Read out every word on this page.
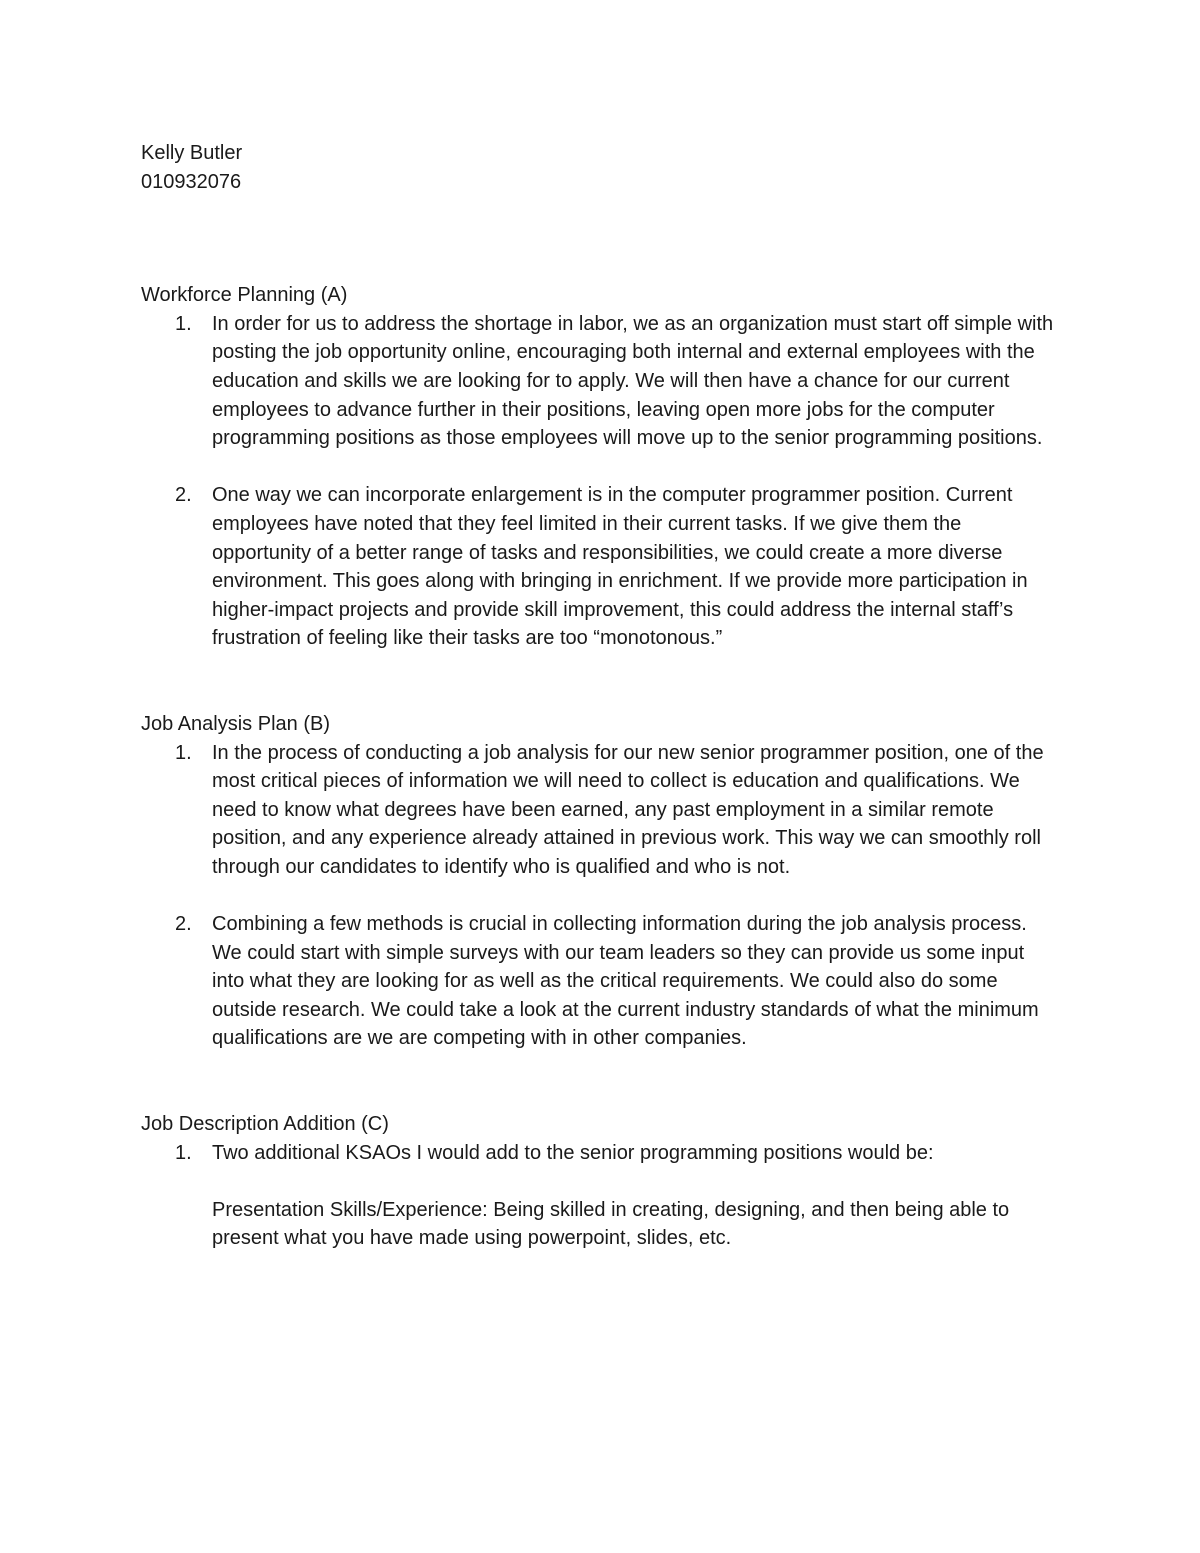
Kelly Butler
010932076
Workforce Planning (A)
1. In order for us to address the shortage in labor, we as an organization must start off simple with posting the job opportunity online, encouraging both internal and external employees with the education and skills we are looking for to apply. We will then have a chance for our current employees to advance further in their positions, leaving open more jobs for the computer programming positions as those employees will move up to the senior programming positions.
2. One way we can incorporate enlargement is in the computer programmer position. Current employees have noted that they feel limited in their current tasks. If we give them the opportunity of a better range of tasks and responsibilities, we could create a more diverse environment. This goes along with bringing in enrichment. If we provide more participation in higher-impact projects and provide skill improvement, this could address the internal staff’s frustration of feeling like their tasks are too “monotonous.”
Job Analysis Plan (B)
1. In the process of conducting a job analysis for our new senior programmer position, one of the most critical pieces of information we will need to collect is education and qualifications. We need to know what degrees have been earned, any past employment in a similar remote position, and any experience already attained in previous work. This way we can smoothly roll through our candidates to identify who is qualified and who is not.
2. Combining a few methods is crucial in collecting information during the job analysis process. We could start with simple surveys with our team leaders so they can provide us some input into what they are looking for as well as the critical requirements. We could also do some outside research. We could take a look at the current industry standards of what the minimum qualifications are we are competing with in other companies.
Job Description Addition (C)
1. Two additional KSAOs I would add to the senior programming positions would be:
Presentation Skills/Experience: Being skilled in creating, designing, and then being able to present what you have made using powerpoint, slides, etc.
